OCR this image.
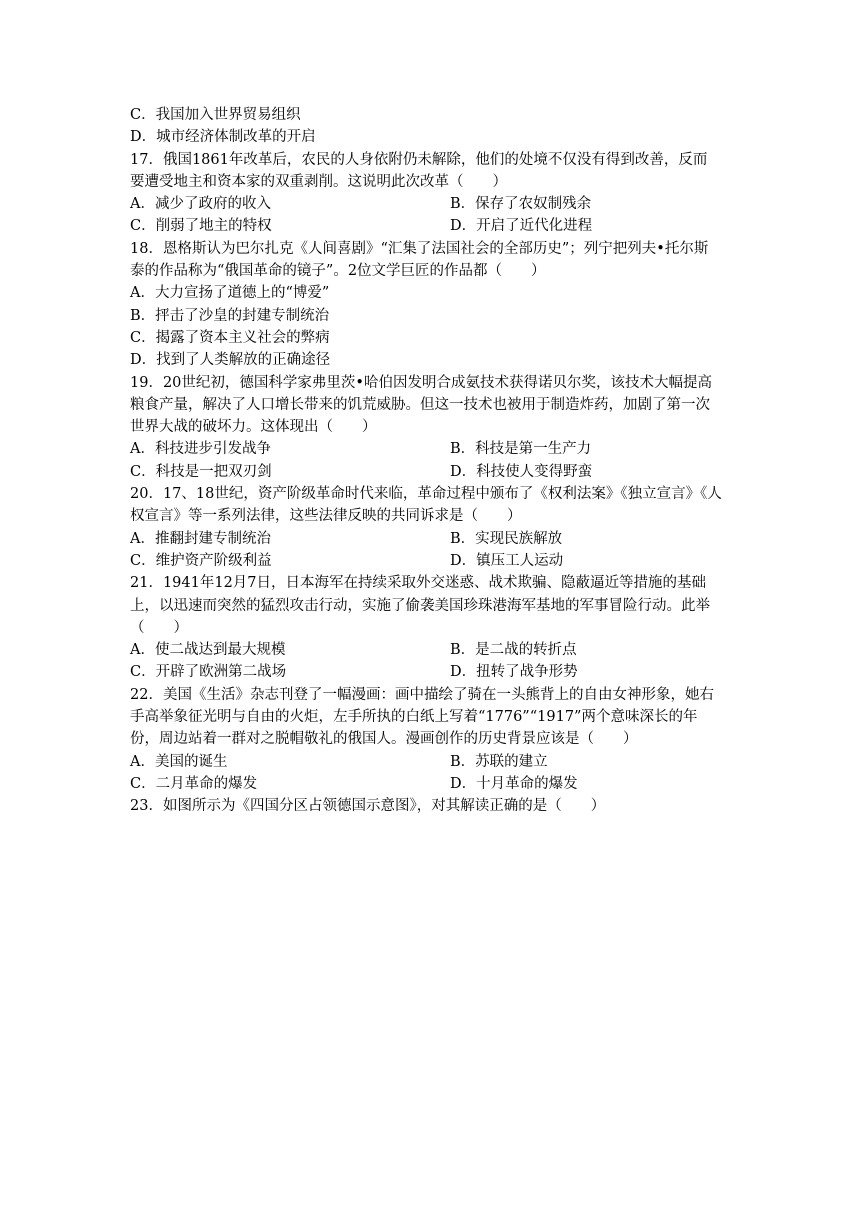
C．我国加入世界贸易组织
D．城市经济体制改革的开启
17．俄国1861年改革后，农民的人身依附仍未解除，他们的处境不仅没有得到改善，反而
要遭受地主和资本家的双重剥削。这说明此次改革（　　）
A．减少了政府的收入	B．保存了农奴制残余
C．削弱了地主的特权	D．开启了近代化进程
18．恩格斯认为巴尔扎克《人间喜剧》“汇集了法国社会的全部历史”；列宁把列夫•托尔斯
泰的作品称为“俄国革命的镜子”。2位文学巨匠的作品都（　　）
A．大力宣扬了道德上的“博爱”
B．抨击了沙皇的封建专制统治
C．揭露了资本主义社会的弊病
D．找到了人类解放的正确途径
19．20世纪初，德国科学家弗里茨•哈伯因发明合成氨技术获得诺贝尔奖，该技术大幅提高
粮食产量，解决了人口增长带来的饥荒威胁。但这一技术也被用于制造炸药，加剧了第一次
世界大战的破坏力。这体现出（　　）
A．科技进步引发战争	B．科技是第一生产力
C．科技是一把双刃剑	D．科技使人变得野蛮
20．17、18世纪，资产阶级革命时代来临，革命过程中颁布了《权利法案》《独立宣言》《人
权宣言》等一系列法律，这些法律反映的共同诉求是（　　）
A．推翻封建专制统治	B．实现民族解放
C．维护资产阶级利益	D．镇压工人运动
21．1941年12月7日，日本海军在持续采取外交迷惑、战术欺骗、隐蔽逼近等措施的基础
上，以迅速而突然的猛烈攻击行动，实施了偷袭美国珍珠港海军基地的军事冒险行动。此举
（　　）
A．使二战达到最大规模	B．是二战的转折点
C．开辟了欧洲第二战场	D．扭转了战争形势
22．美国《生活》杂志刊登了一幅漫画：画中描绘了骑在一头熊背上的自由女神形象，她右
手高举象征光明与自由的火炬，左手所执的白纸上写着“1776”“1917”两个意味深长的年
份，周边站着一群对之脱帽敬礼的俄国人。漫画创作的历史背景应该是（　　）
A．美国的诞生	B．苏联的建立
C．二月革命的爆发	D．十月革命的爆发
23．如图所示为《四国分区占领德国示意图》，对其解读正确的是（　　）
